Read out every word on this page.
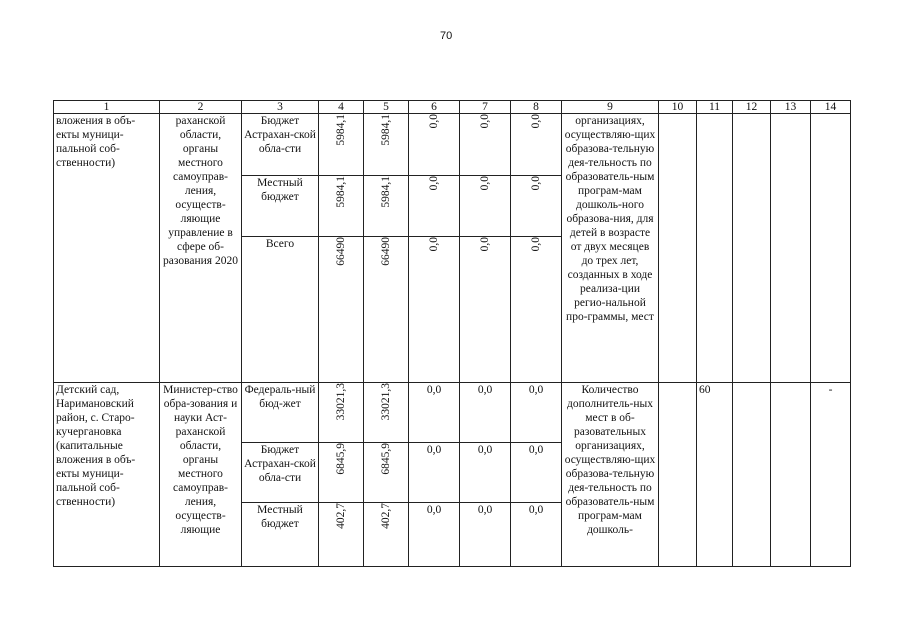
70
1	2	3	4	5	6	7	8	9	10	11	12	13	14
вложения в объ-екты муници-пальной соб-ственности)	раханской области, органы местного самоуправ-ления, осуществ-ляющие управление в сфере об-разования 2020	Бюджет Астрахан-ской обла-сти	5984,1	5984,1	0,0	0,0	0,0	организациях, осуществляю-щих образова-тельную дея-тельность по образователь-ным програм-мам дошколь-ного образова-ния, для детей в возрасте от двух месяцев до трех лет, созданных в ходе реализа-ции регио-нальной про-граммы, мест					
		Местный бюджет	5984,1	5984,1	0,0	0,0	0,0						
		Всего	66490	66490	0,0	0,0	0,0						
Детский сад, Наримановский район, с. Старо-кучергановка (капитальные вложения в объ-екты муници-пальной соб-ственности)	Министер-ство обра-зования и науки Аст-раханской области, органы местного самоуправ-ления, осуществ-ляющие	Федераль-ный бюд-жет	33021,3	33021,3	0,0	0,0	0,0	Количество дополнитель-ных мест в об-разовательных организациях, осуществляю-щих образова-тельную дея-тельность по образователь-ным програм-мам дошколь-		60			-
		Бюджет Астрахан-ской обла-сти	6845,9	6845,9	0,0	0,0	0,0						
		Местный бюджет	402,7	402,7	0,0	0,0	0,0						
